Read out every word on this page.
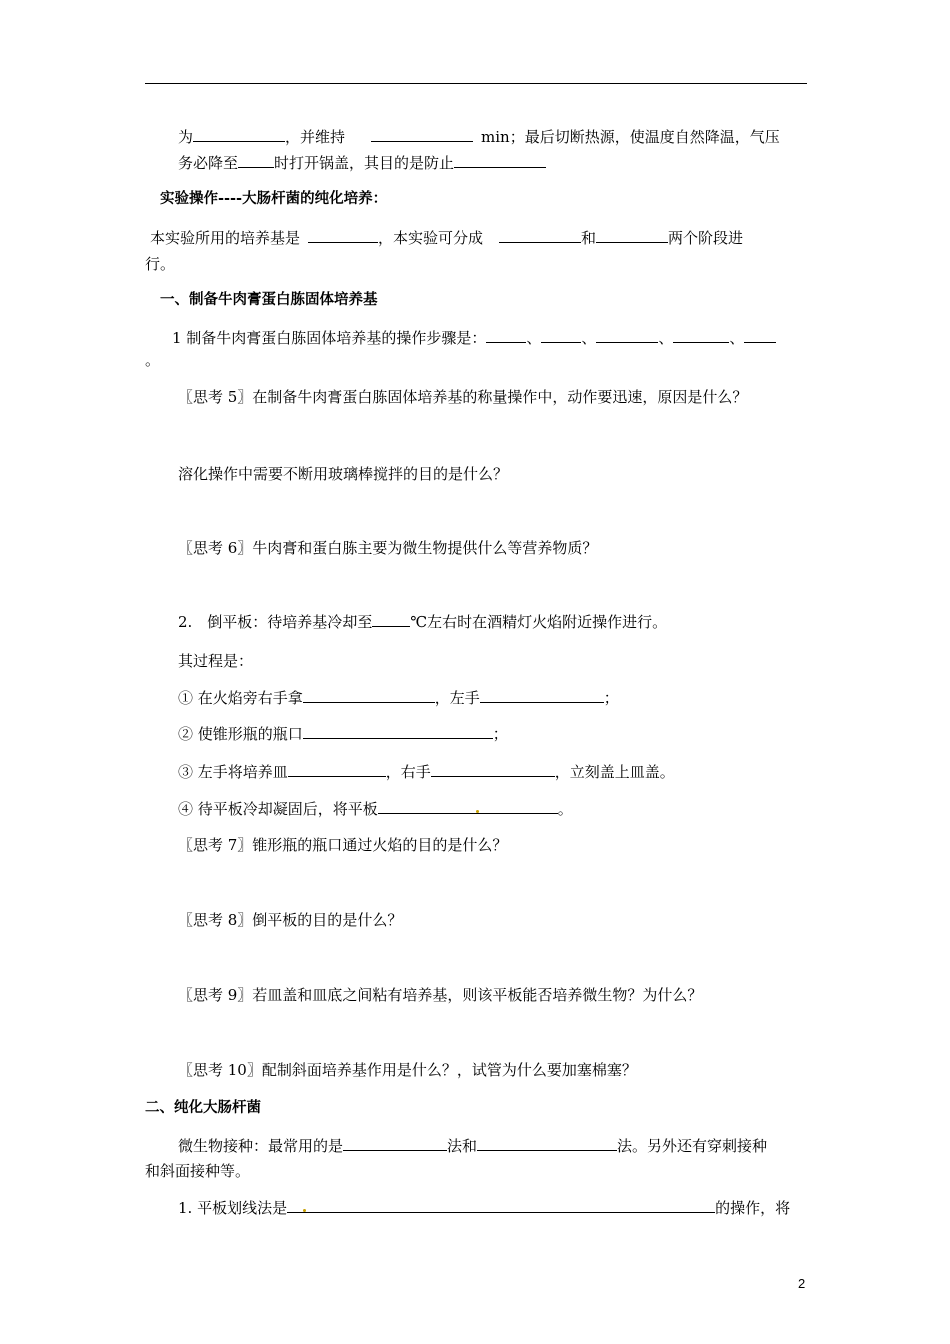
为	，并维持	min；最后切断热源，使温度自然降温，气压
务必降至 时打开锅盖，其目的是防止
实验操作----大肠杆菌的纯化培养：
本实验所用的培养基是	，本实验可分成	和	两个阶段进
行。
一、制备牛肉膏蛋白胨固体培养基
1 制备牛肉膏蛋白胨固体培养基的操作步骤是：	、	、	、	、
。
〖思考 5〗在制备牛肉膏蛋白胨固体培养基的称量操作中，动作要迅速，原因是什么？
溶化操作中需要不断用玻璃棒搅拌的目的是什么？
〖思考 6〗牛肉膏和蛋白胨主要为微生物提供什么等营养物质？
2.　倒平板：待培养基冷却至	℃左右时在酒精灯火焰附近操作进行。
其过程是：
① 在火焰旁右手拿	，左手	；
② 使锥形瓶的瓶口	；
③ 左手将培养皿	，右手	，立刻盖上皿盖。
④ 待平板冷却凝固后，将平板	。
〖思考 7〗锥形瓶的瓶口通过火焰的目的是什么？
〖思考 8〗倒平板的目的是什么？
〖思考 9〗若皿盖和皿底之间粘有培养基，则该平板能否培养微生物？为什么？
〖思考 10〗配制斜面培养基作用是什么？，试管为什么要加塞棉塞？
二、纯化大肠杆菌
微生物接种：最常用的是	法和	法。另外还有穿刺接种
和斜面接种等。
1. 平板划线法是	的操作，将
2
